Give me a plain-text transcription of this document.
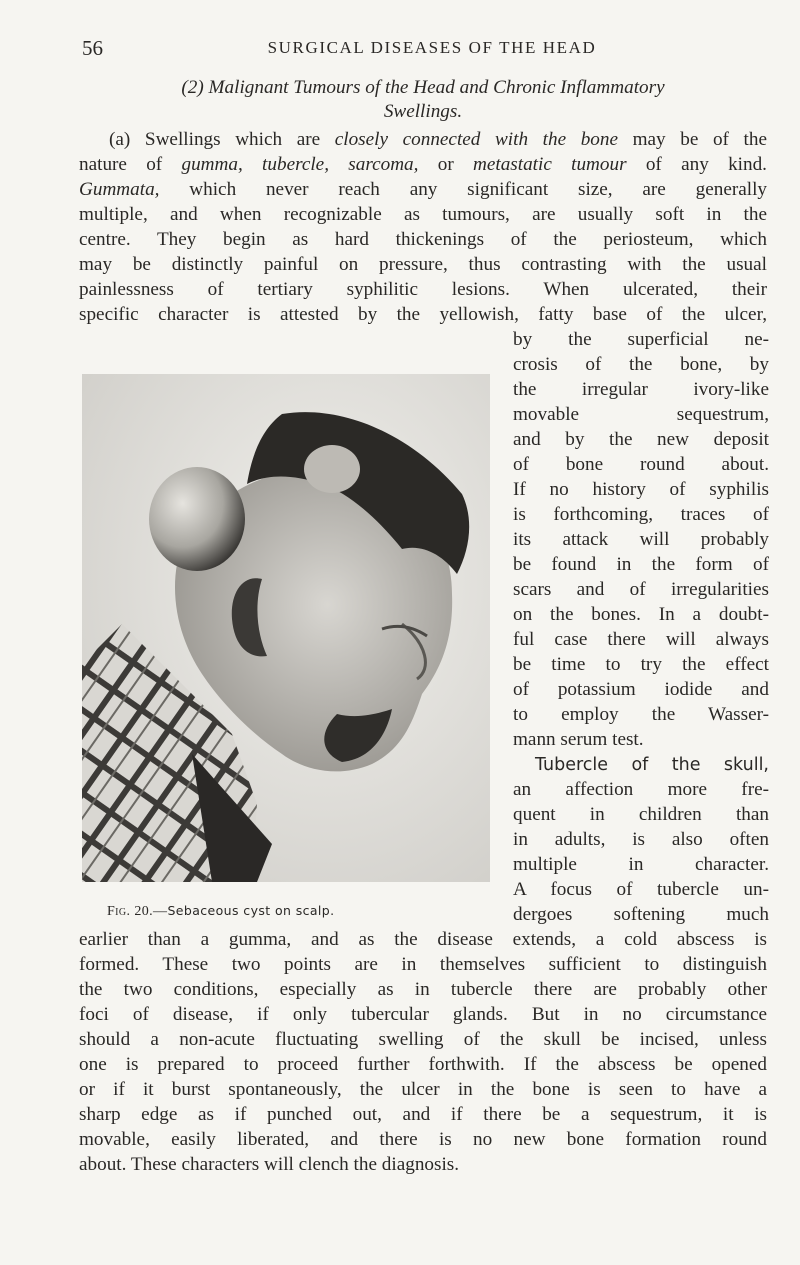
56	SURGICAL DISEASES OF THE HEAD
(2) Malignant Tumours of the Head and Chronic Inflammatory
Swellings.
(a) Swellings which are closely connected with the bone may be of the
nature of gumma, tubercle, sarcoma, or metastatic tumour of any kind.
Gummata, which never reach any significant size, are generally
multiple, and when recognizable as tumours, are usually soft in the
centre. They begin as hard thickenings of the periosteum, which
may be distinctly painful on pressure, thus contrasting with the usual
painlessness of tertiary syphilitic lesions. When ulcerated, their
specific character is attested by the yellowish, fatty base of the ulcer,
by the superficial ne-
crosis of the bone, by
the irregular ivory-like
movable sequestrum,
and by the new deposit
of bone round about.
If no history of syphilis
is forthcoming, traces of
its attack will probably
be found in the form of
scars and of irregularities
on the bones. In a doubt-
ful case there will always
be time to try the effect
of potassium iodide and
to employ the Wasser-
mann serum test.
Tubercle of the skull,
an affection more fre-
quent in children than
in adults, is also often
multiple in character.
A focus of tubercle un-
dergoes softening much
earlier than a gumma, and as the disease extends, a cold abscess is
formed. These two points are in themselves sufficient to distinguish
the two conditions, especially as in tubercle there are probably other
foci of disease, if only tubercular glands. But in no circumstance
should a non-acute fluctuating swelling of the skull be incised, unless
one is prepared to proceed further forthwith. If the abscess be opened
or if it burst spontaneously, the ulcer in the bone is seen to have a
sharp edge as if punched out, and if there be a sequestrum, it is
movable, easily liberated, and there is no new bone formation round
about. These characters will clench the diagnosis.
Fig. 20.—Sebaceous cyst on scalp.
